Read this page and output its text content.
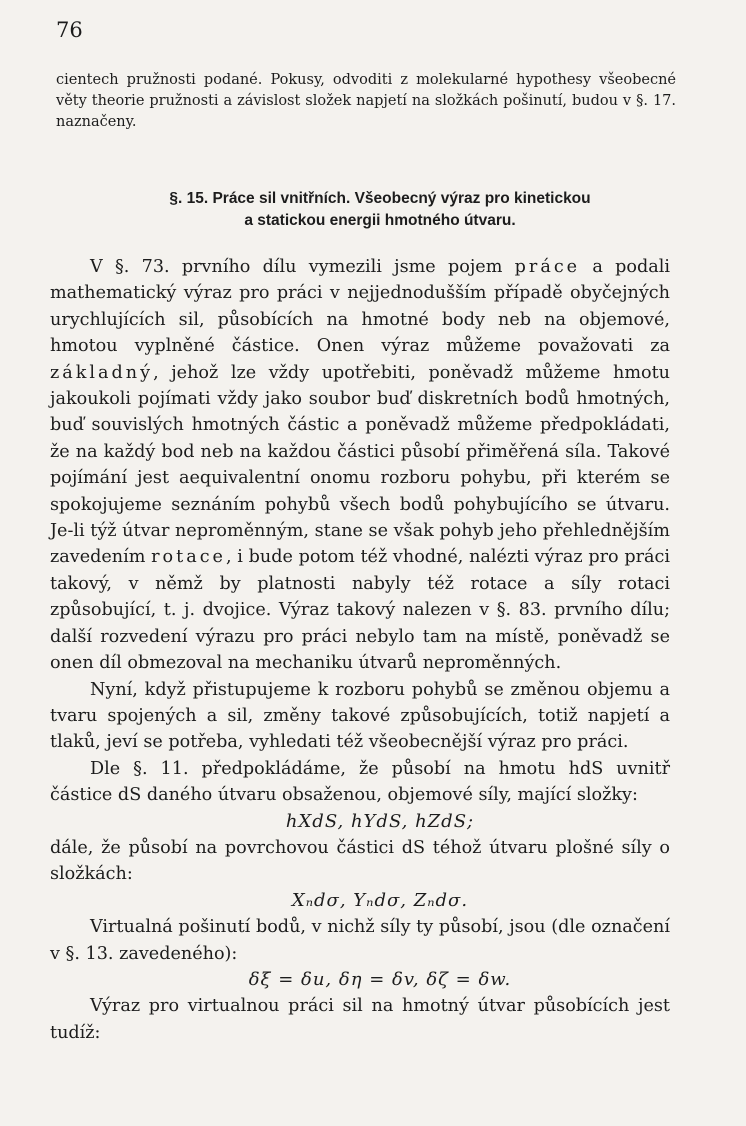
76
cientech pružnosti podané. Pokusy, odvoditi z molekularné hypothesy všeobecné věty theorie pružnosti a závislost složek napjetí na složkách pošinutí, budou v §. 17. naznačeny.
§. 15. Práce sil vnitřních. Všeobecný výraz pro kinetickou
a statickou energii hmotného útvaru.

V §. 73. prvního dílu vymezili jsme pojem práce a podali mathematický výraz pro práci v nejjednodušším případě obyčejných urychlujících sil, působících na hmotné body neb na objemové, hmotou vyplněné částice. Onen výraz můžeme považovati za základný, jehož lze vždy upotřebiti, poněvadž můžeme hmotu jakoukoli pojímati vždy jako soubor buď diskretních bodů hmotných, buď souvislých hmotných částic a poněvadž můžeme předpokládati, že na každý bod neb na každou částici působí přiměřená síla. Takové pojímání jest aequivalentní onomu rozboru pohybu, při kterém se spokojujeme seznáním pohybů všech bodů pohybujícího se útvaru. Je-li týž útvar neproměnným, stane se však pohyb jeho přehlednějším zavedením rotace, i bude potom též vhodné, nalézti výraz pro práci takový, v němž by platnosti nabyly též rotace a síly rotaci způsobující, t. j. dvojice. Výraz takový nalezen v §. 83. prvního dílu; další rozvedení výrazu pro práci nebylo tam na místě, poněvadž se onen díl obmezoval na mechaniku útvarů neproměnných.

Nyní, když přistupujeme k rozboru pohybů se změnou objemu a tvaru spojených a sil, změny takové způsobujících, totiž napjetí a tlaků, jeví se potřeba, vyhledati též všeobecnější výraz pro práci.

Dle §. 11. předpokládáme, že působí na hmotu hdS uvnitř částice dS daného útvaru obsaženou, objemové síly, mající složky:

hXdS, hYdS, hZdS;

dále, že působí na povrchovou částici dS téhož útvaru plošné síly o složkách:

Xₙdσ, Yₙdσ, Zₙdσ.

Virtualná pošinutí bodů, v nichž síly ty působí, jsou (dle označení v §. 13. zavedeného):

δξ = δu, δη = δv, δζ = δw.

Výraz pro virtualnou práci sil na hmotný útvar působících jest tudíž:
